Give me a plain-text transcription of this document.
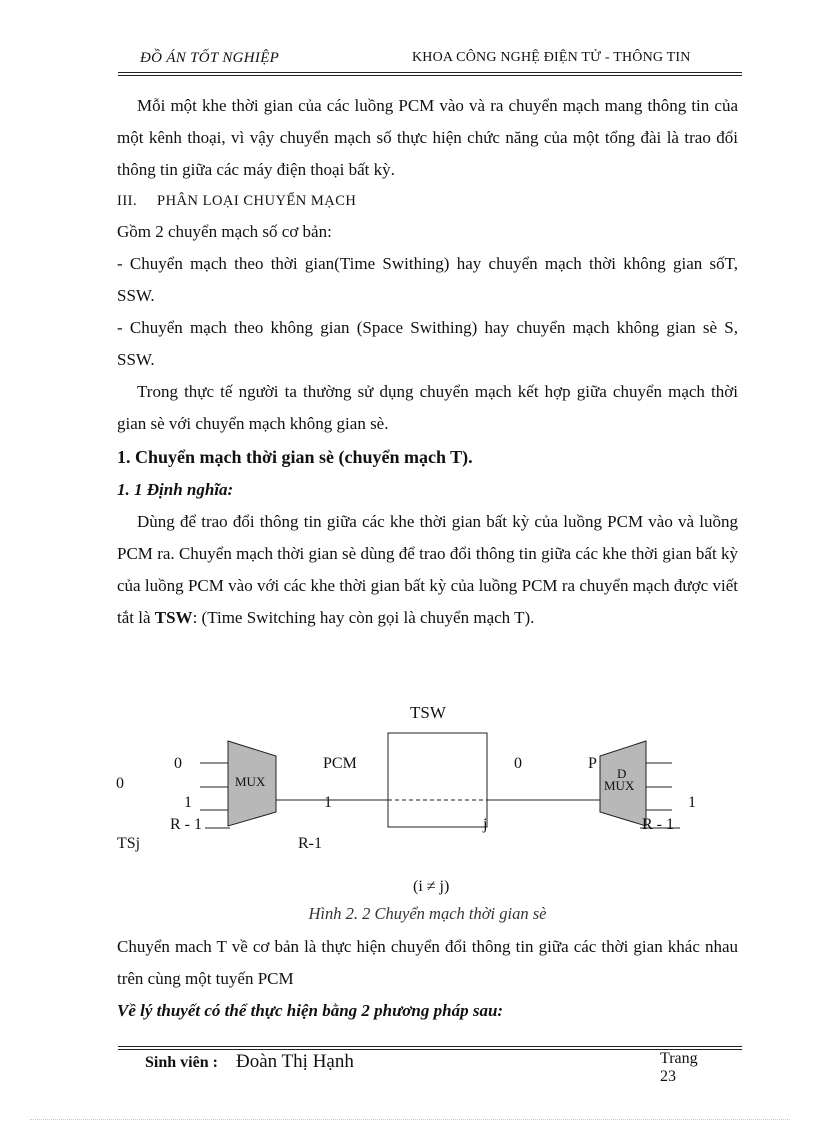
ĐỒ ÁN TỐT NGHIỆP	KHOA CÔNG NGHỆ ĐIỆN TỬ - THÔNG TIN

Mỗi một khe thời gian của các luồng PCM vào và ra chuyển mạch mang thông tin của một kênh thoại, vì vậy chuyển mạch số thực hiện chức năng của một tổng đài là trao đổi thông tin giữa các máy điện thoại bất kỳ.

III. PHÂN LOẠI CHUYỂN MẠCH

Gồm 2 chuyển mạch số cơ bản:

- Chuyển mạch theo thời gian(Time Swithing) hay chuyển mạch thời không gian sốT, SSW.

- Chuyển mạch theo không gian (Space Swithing) hay chuyển mạch không gian sè S, SSW.

Trong thực tế người ta thường sử dụng chuyển mạch kết hợp giữa chuyển mạch thời gian sè với chuyển mạch không gian sè.

1. Chuyển mạch thời gian sè (chuyển mạch T).

1. 1 Định nghĩa:

Dùng để trao đổi thông tin giữa các khe thời gian bất kỳ của luồng PCM vào và luồng PCM ra. Chuyển mạch thời gian sè dùng để trao đổi thông tin giữa các khe thời gian bất kỳ của luồng PCM vào với các khe thời gian bất kỳ của luồng PCM ra chuyển mạch được viết tắt là TSW: (Time Switching hay còn gọi là chuyển mạch T).

TSW
MUX
D
MUX
0
0
1
R - 1
PCM
1
0	P
1
R - 1
TSj	R-1
j
(i ≠ j)
Hình 2. 2 Chuyển mạch thời gian sè

Chuyển mach T về cơ bản là thực hiện chuyển đổi thông tin giữa các thời gian khác nhau trên cùng một tuyến PCM

Về lý thuyết có thể thực hiện bằng 2 phương pháp sau:

Sinh viên : Đoàn Thị Hạnh	Trang
23
